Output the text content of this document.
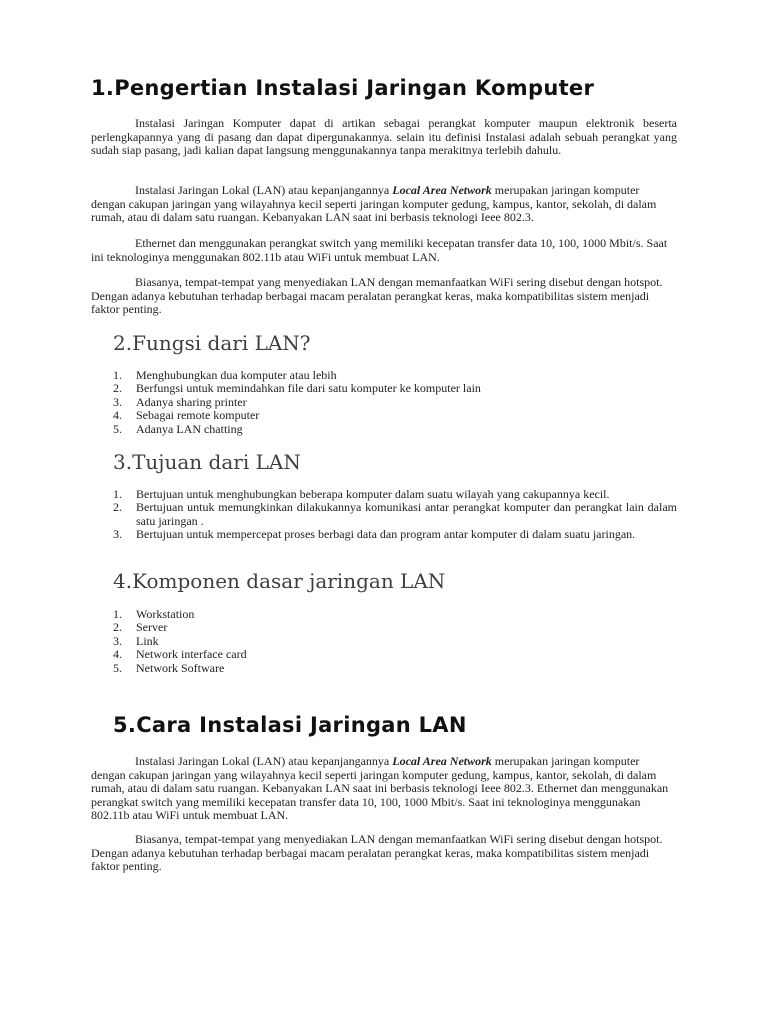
1.Pengertian Instalasi Jaringan Komputer

Instalasi Jaringan Komputer dapat di artikan sebagai perangkat komputer maupun elektronik beserta perlengkapannya yang di pasang dan dapat dipergunakannya. selain itu definisi Instalasi adalah sebuah perangkat yang sudah siap pasang, jadi kalian dapat langsung menggunakannya tanpa merakitnya terlebih dahulu.

Instalasi Jaringan Lokal (LAN) atau kepanjangannya Local Area Network merupakan jaringan komputer dengan cakupan jaringan yang wilayahnya kecil seperti jaringan komputer gedung, kampus, kantor, sekolah, di dalam rumah, atau di dalam satu ruangan. Kebanyakan LAN saat ini berbasis teknologi Ieee 802.3.

Ethernet dan menggunakan perangkat switch yang memiliki kecepatan transfer data 10, 100, 1000 Mbit/s. Saat ini teknologinya menggunakan 802.11b atau WiFi untuk membuat LAN.

Biasanya, tempat-tempat yang menyediakan LAN dengan memanfaatkan WiFi sering disebut dengan hotspot. Dengan adanya kebutuhan terhadap berbagai macam peralatan perangkat keras, maka kompatibilitas sistem menjadi faktor penting.

2.Fungsi dari LAN?
1.	Menghubungkan dua komputer atau lebih
2.	Berfungsi untuk memindahkan file dari satu komputer ke komputer lain
3.	Adanya sharing printer
4.	Sebagai remote komputer
5.	Adanya LAN chatting
3.Tujuan dari LAN
1.	Bertujuan untuk menghubungkan beberapa komputer dalam suatu wilayah yang cakupannya kecil.
2.	Bertujuan untuk memungkinkan dilakukannya komunikasi antar perangkat komputer dan perangkat lain dalam satu jaringan .
3.	Bertujuan untuk mempercepat proses berbagi data dan program antar komputer di dalam suatu jaringan.
4.Komponen dasar jaringan LAN
1.	Workstation
2.	Server
3.	Link
4.	Network interface card
5.	Network Software
5.Cara Instalasi Jaringan LAN

Instalasi Jaringan Lokal (LAN) atau kepanjangannya Local Area Network merupakan jaringan komputer dengan cakupan jaringan yang wilayahnya kecil seperti jaringan komputer gedung, kampus, kantor, sekolah, di dalam rumah, atau di dalam satu ruangan. Kebanyakan LAN saat ini berbasis teknologi Ieee 802.3. Ethernet dan menggunakan perangkat switch yang memiliki kecepatan transfer data 10, 100, 1000 Mbit/s. Saat ini teknologinya menggunakan 802.11b atau WiFi untuk membuat LAN.

Biasanya, tempat-tempat yang menyediakan LAN dengan memanfaatkan WiFi sering disebut dengan hotspot. Dengan adanya kebutuhan terhadap berbagai macam peralatan perangkat keras, maka kompatibilitas sistem menjadi faktor penting.
